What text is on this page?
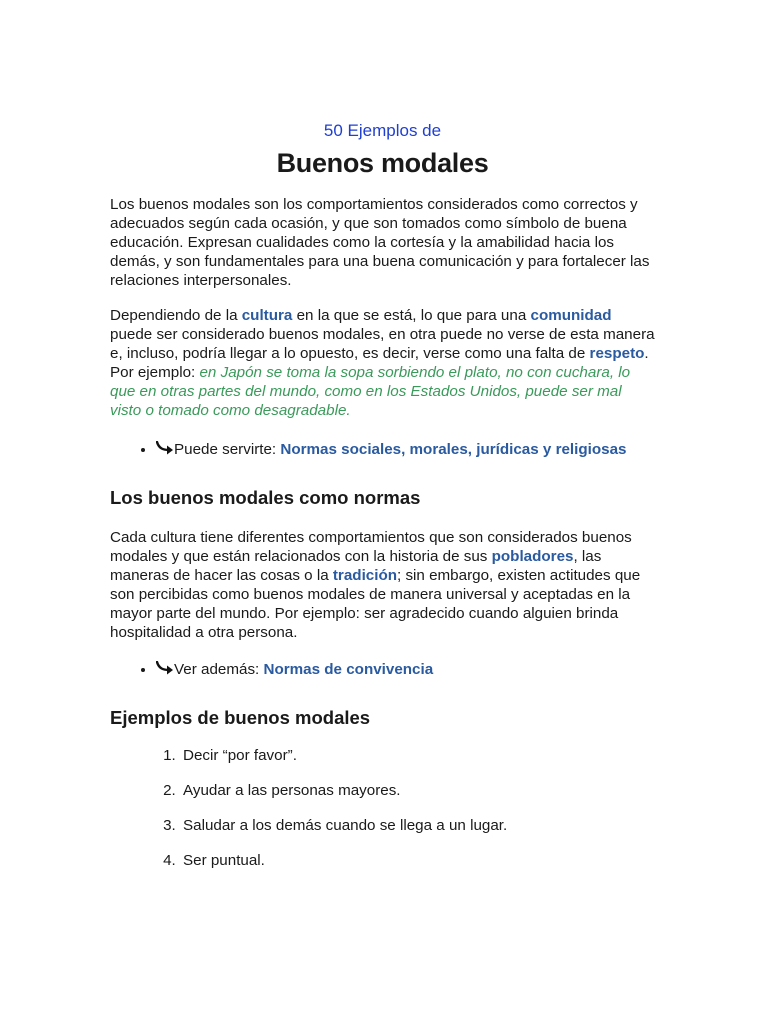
50 Ejemplos de

Buenos modales

Los buenos modales son los comportamientos considerados como correctos y adecuados según cada ocasión, y que son tomados como símbolo de buena educación. Expresan cualidades como la cortesía y la amabilidad hacia los demás, y son fundamentales para una buena comunicación y para fortalecer las relaciones interpersonales.

Dependiendo de la cultura en la que se está, lo que para una comunidad puede ser considerado buenos modales, en otra puede no verse de esta manera e, incluso, podría llegar a lo opuesto, es decir, verse como una falta de respeto. Por ejemplo: en Japón se toma la sopa sorbiendo el plato, no con cuchara, lo que en otras partes del mundo, como en los Estados Unidos, puede ser mal visto o tomado como desagradable.

• Puede servirte: Normas sociales, morales, jurídicas y religiosas
Los buenos modales como normas

Cada cultura tiene diferentes comportamientos que son considerados buenos modales y que están relacionados con la historia de sus pobladores, las maneras de hacer las cosas o la tradición; sin embargo, existen actitudes que son percibidas como buenos modales de manera universal y aceptadas en la mayor parte del mundo. Por ejemplo: ser agradecido cuando alguien brinda hospitalidad a otra persona.

• Ver además: Normas de convivencia
Ejemplos de buenos modales
1. Decir “por favor”.
2. Ayudar a las personas mayores.
3. Saludar a los demás cuando se llega a un lugar.
4. Ser puntual.
